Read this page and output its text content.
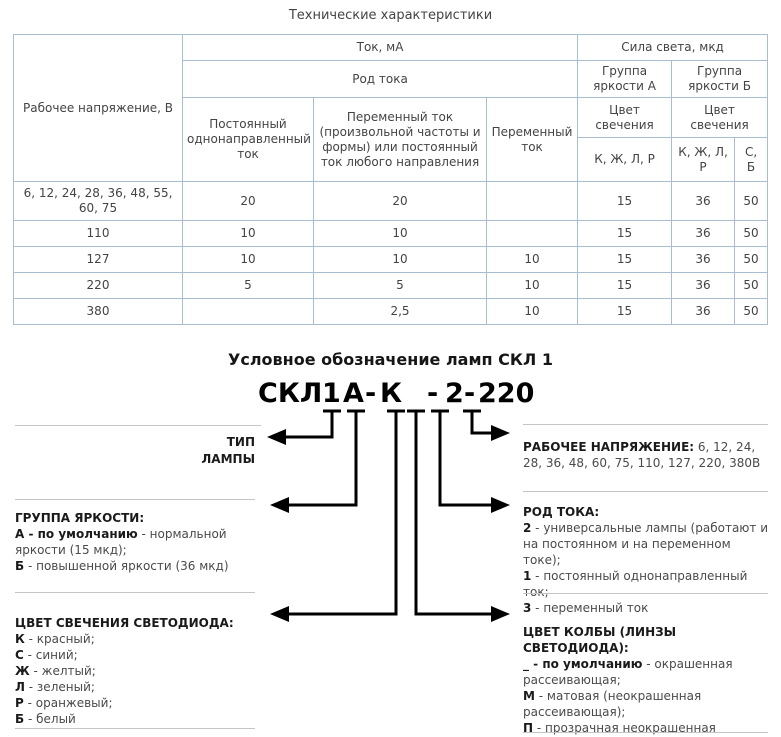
Технические характеристики
Рабочее напряжение, В	Ток, мА			Сила света, мкд		
	Род тока			Группа яркости А	Группа яркости Б	
	Постоянный однонаправленный ток	Переменный ток (произвольной частоты и формы) или постоянный ток любого направления	Переменный ток	Цвет свечения	Цвет свечения	
				К, Ж, Л, Р	К, Ж, Л, Р	С, Б
6, 12, 24, 28, 36, 48, 55, 60, 75	20	20		15	36	50
110	10	10		15	36	50
127	10	10	10	15	36	50
220	5	5	10	15	36	50
380		2,5	10	15	36	50
Условное обозначение ламп СКЛ 1
СКЛ 1 А - К - 2 - 220
ТИП
ЛАМПЫ
ГРУППА ЯРКОСТИ:
А - по умолчанию - нормальной яркости (15 мкд);
Б - повышенной яркости (36 мкд)
ЦВЕТ СВЕЧЕНИЯ СВЕТОДИОДА:
К - красный;
С - синий;
Ж - желтый;
Л - зеленый;
Р - оранжевый;
Б - белый
РАБОЧЕЕ НАПРЯЖЕНИЕ: 6, 12, 24, 28, 36, 48, 60, 75, 110, 127, 220, 380В
РОД ТОКА:
2 - универсальные лампы (работают и на постоянном и на переменном токе);
1 - постоянный однонаправленный ток;
3 - переменный ток
ЦВЕТ КОЛБЫ (ЛИНЗЫ СВЕТОДИОДА):
_ - по умолчанию - окрашенная рассеивающая;
М - матовая (неокрашенная рассеивающая);
П - прозрачная неокрашенная
